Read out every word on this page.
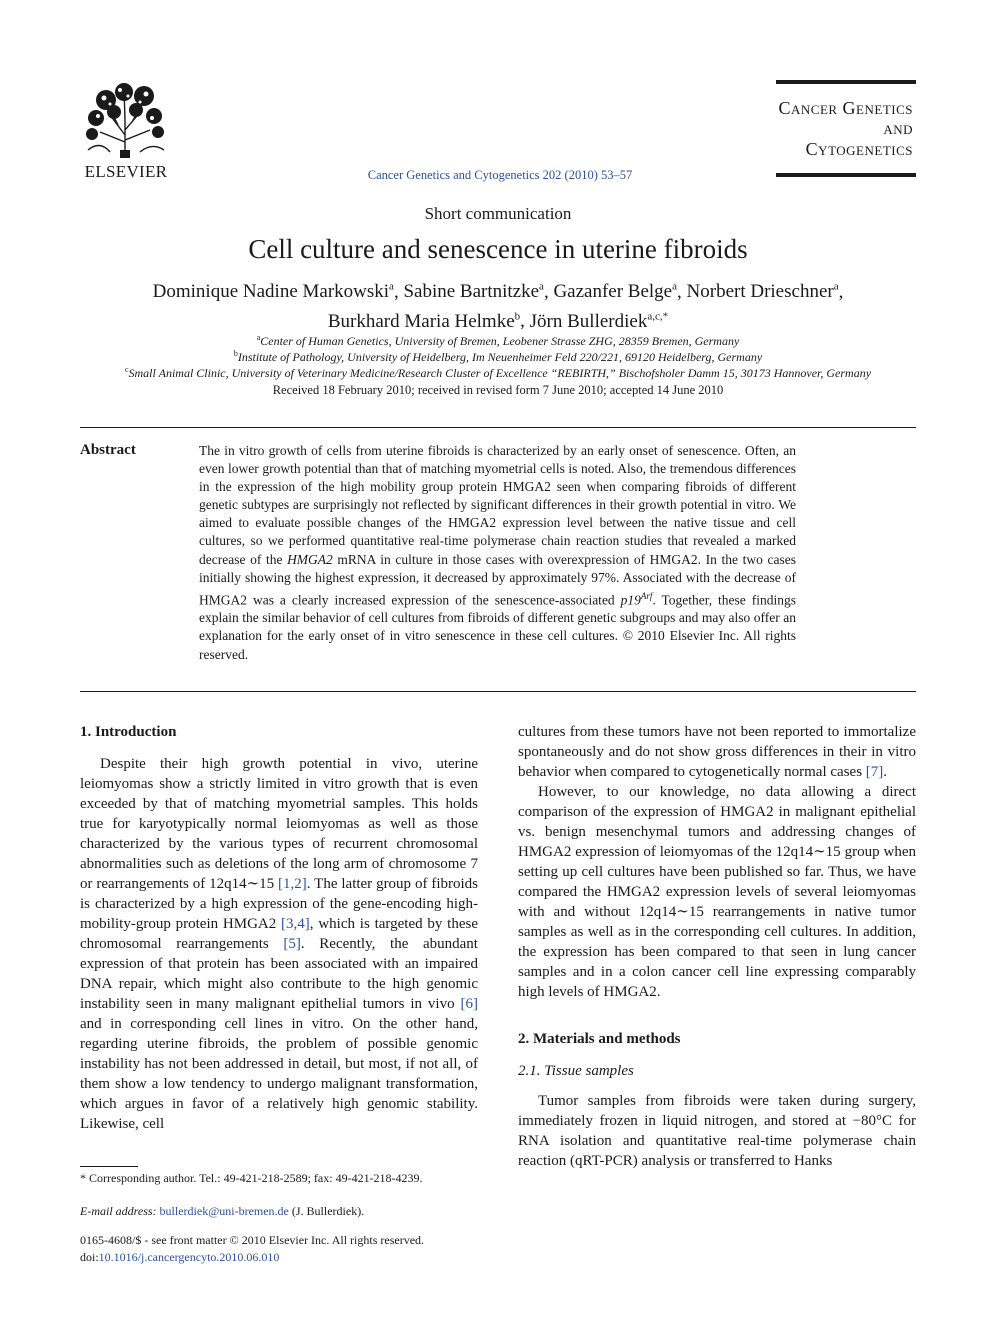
ELSEVIER	Cancer Genetics and Cytogenetics 202 (2010) 53–57
Cancer Genetics
and
Cytogenetics
Short communication
Cell culture and senescence in uterine fibroids
Dominique Nadine Markowski$^a$, Sabine Bartnitzke$^a$, Gazanfer Belge$^a$, Norbert Drieschner$^a$,
Burkhard Maria Helmke$^b$, Jörn Bullerdiek$^{a,c,*}$
$^a$Center of Human Genetics, University of Bremen, Leobener Strasse ZHG, 28359 Bremen, Germany
$^b$Institute of Pathology, University of Heidelberg, Im Neuenheimer Feld 220/221, 69120 Heidelberg, Germany
$^c$Small Animal Clinic, University of Veterinary Medicine/Research Cluster of Excellence “REBIRTH,” Bischofsholer Damm 15, 30173 Hannover, Germany
Received 18 February 2010; received in revised form 7 June 2010; accepted 14 June 2010
Abstract	The in vitro growth of cells from uterine fibroids is characterized by an early onset of senescence. Often, an even lower growth potential than that of matching myometrial cells is noted. Also, the tremendous differences in the expression of the high mobility group protein HMGA2 seen when comparing fibroids of different genetic subtypes are surprisingly not reflected by significant differences in their growth potential in vitro. We aimed to evaluate possible changes of the HMGA2 expression level between the native tissue and cell cultures, so we performed quantitative real-time polymerase chain reaction studies that revealed a marked decrease of the HMGA2 mRNA in culture in those cases with overexpression of HMGA2. In the two cases initially showing the highest expression, it decreased by approximately 97%. Associated with the decrease of HMGA2 was a clearly increased expression of the senescence-associated $p19^{Arf}$. Together, these findings explain the similar behavior of cell cultures from fibroids of different genetic subgroups and may also offer an explanation for the early onset of in vitro senescence in these cell cultures. © 2010 Elsevier Inc. All rights reserved.
1. Introduction

Despite their high growth potential in vivo, uterine leiomyomas show a strictly limited in vitro growth that is even exceeded by that of matching myometrial samples. This holds true for karyotypically normal leiomyomas as well as those characterized by the various types of recurrent chromosomal abnormalities such as deletions of the long arm of chromosome 7 or rearrangements of 12q14∼15 [1,2]. The latter group of fibroids is characterized by a high expression of the gene-encoding high-mobility-group protein HMGA2 [3,4], which is targeted by these chromosomal rearrangements [5]. Recently, the abundant expression of that protein has been associated with an impaired DNA repair, which might also contribute to the high genomic instability seen in many malignant epithelial tumors in vivo [6] and in corresponding cell lines in vitro. On the other hand, regarding uterine fibroids, the problem of possible genomic instability has not been addressed in detail, but most, if not all, of them show a low tendency to undergo malignant transformation, which argues in favor of a relatively high genomic stability. Likewise, cell

* Corresponding author. Tel.: 49-421-218-2589; fax: 49-421-218-4239.
E-mail address: bullerdiek@uni-bremen.de (J. Bullerdiek).
0165-4608/$ - see front matter © 2010 Elsevier Inc. All rights reserved.
doi:10.1016/j.cancergencyto.2010.06.010

cultures from these tumors have not been reported to immortalize spontaneously and do not show gross differences in their in vitro behavior when compared to cytogenetically normal cases [7].

However, to our knowledge, no data allowing a direct comparison of the expression of HMGA2 in malignant epithelial vs. benign mesenchymal tumors and addressing changes of HMGA2 expression of leiomyomas of the 12q14∼15 group when setting up cell cultures have been published so far. Thus, we have compared the HMGA2 expression levels of several leiomyomas with and without 12q14∼15 rearrangements in native tumor samples as well as in the corresponding cell cultures. In addition, the expression has been compared to that seen in lung cancer samples and in a colon cancer cell line expressing comparably high levels of HMGA2.

2. Materials and methods
2.1. Tissue samples

Tumor samples from fibroids were taken during surgery, immediately frozen in liquid nitrogen, and stored at −80°C for RNA isolation and quantitative real-time polymerase chain reaction (qRT-PCR) analysis or transferred to Hanks
